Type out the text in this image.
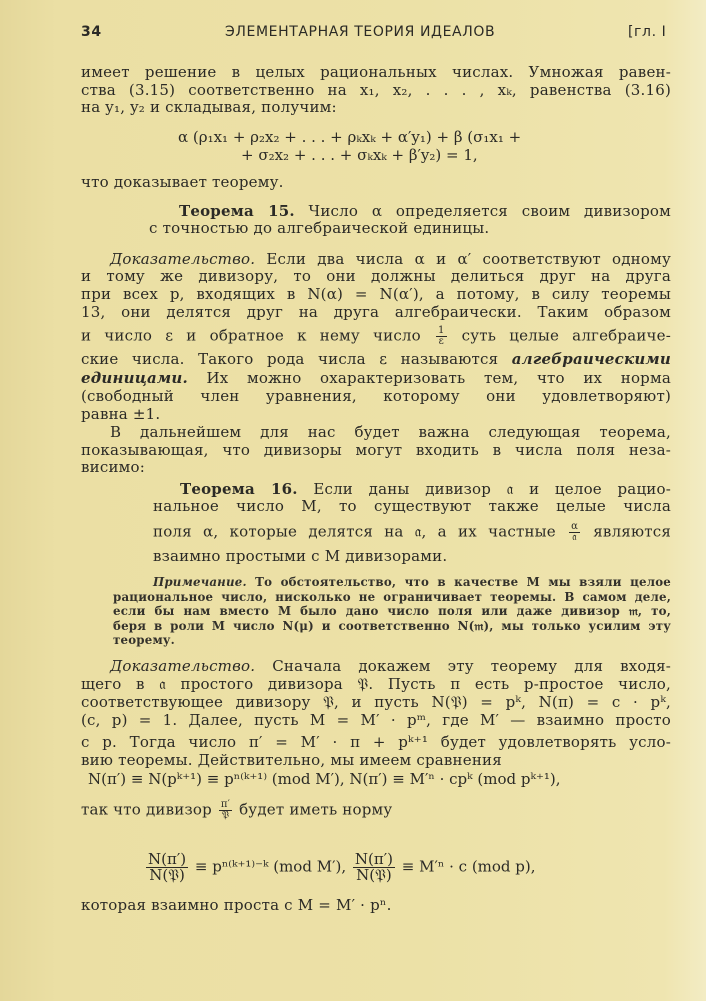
34	ЭЛЕМЕНТАРНАЯ ТЕОРИЯ ИДЕАЛОВ	[гл. I
имеет решение в целых рациональных числах. Умножая равен-
ства (3.15) соответственно на x₁, x₂, . . . , xₖ, равенства (3.16)
на y₁, y₂ и складывая, получим:
α (ρ₁x₁ + ρ₂x₂ + . . . + ρₖxₖ + α′y₁) + β (σ₁x₁ +
+ σ₂x₂ + . . . + σₖxₖ + β′y₂) = 1,
что доказывает теорему.
Теорема 15. Число α определяется своим дивизором
с точностью до алгебраической единицы.
Доказательство. Если два числа α и α′ соответствуют одному
и тому же дивизору, то они должны делиться друг на друга
при всех p, входящих в N(α) = N(α′), а потому, в силу теоремы
13, они делятся друг на друга алгебраически. Таким образом
и число ε и обратное к нему число $\frac{1}{\varepsilon}$ суть целые алгебраиче-
ские числа. Такого рода числа ε называются алгебраическими
единицами. Их можно охарактеризовать тем, что их норма
(свободный член уравнения, которому они удовлетворяют)
равна ±1.
В дальнейшем для нас будет важна следующая теорема,
показывающая, что дивизоры могут входить в числа поля неза-
висимо:
Теорема 16. Если даны дивизор 𝔞 и целое рацио-
нальное число M, то существуют также целые числа
поля α, которые делятся на 𝔞, а их частные $\frac{\alpha}{\text{𝔞}}$ являются
взаимно простыми с M дивизорами.
Примечание. То обстоятельство, что в качестве M мы взяли целое
рациональное число, нисколько не ограничивает теоремы. В самом деле,
если бы нам вместо M было дано число поля или даже дивизор 𝔪, то,
беря в роли M число N(μ) и соответственно N(𝔪), мы только усилим эту
теорему.
Доказательство. Сначала докажем эту теорему для входя-
щего в 𝔞 простого дивизора 𝔓. Пусть π есть p-простое число,
соответствующее дивизору 𝔓, и пусть N(𝔓) = pᵏ, N(π) = c · pᵏ,
(c, p) = 1. Далее, пусть M = M′ · pᵐ, где M′ — взаимно просто
с p. Тогда число π′ = M′ · π + pᵏ⁺¹ будет удовлетворять усло-
вию теоремы. Действительно, мы имеем сравнения
N(π′) ≡ N(pᵏ⁺¹) ≡ pⁿ⁽ᵏ⁺¹⁾ (mod M′), N(π′) ≡ M′ⁿ · cpᵏ (mod pᵏ⁺¹),
так что дивизор $\frac{\pi'}{\text{𝔓}}$ будет иметь норму
$\frac{N(\pi')}{\text{N(𝔓)}}$ ≡ pⁿ⁽ᵏ⁺¹⁾⁻ᵏ (mod M′), $\frac{N(\pi')}{\text{N(𝔓)}} \equiv M'^n \cdot c$ (mod p),
которая взаимно проста с M = M′ · pⁿ.
